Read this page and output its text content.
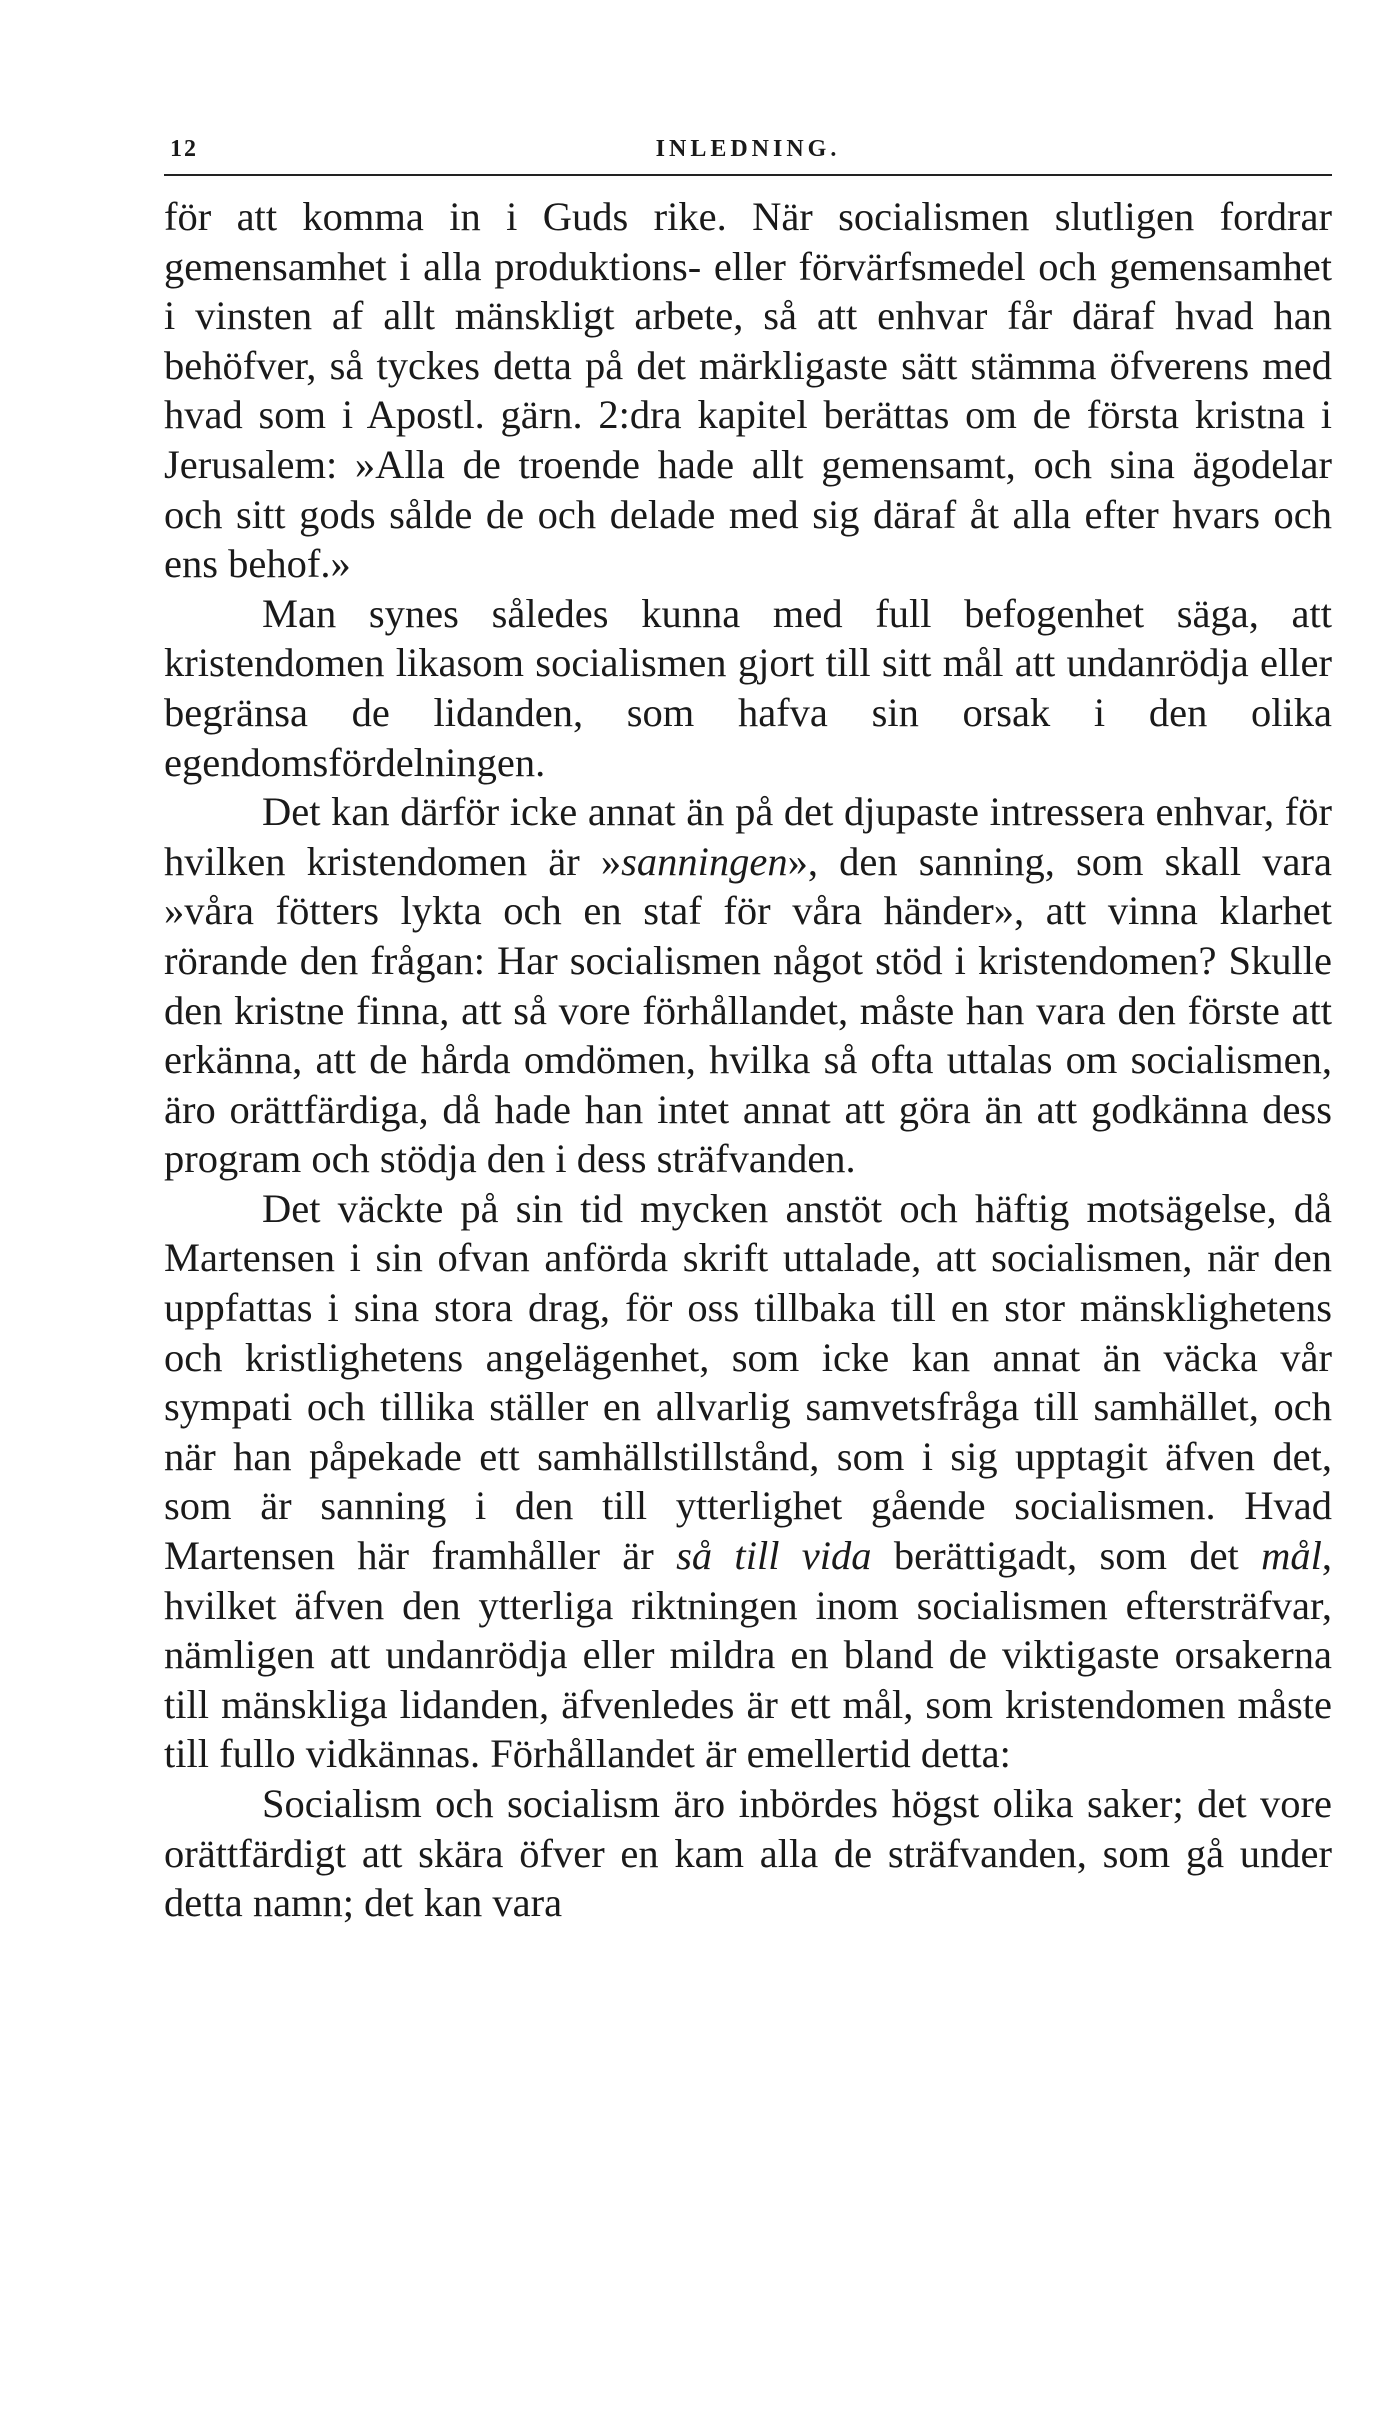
12	INLEDNING.

för att komma in i Guds rike. När socialismen slutligen fordrar gemensamhet i alla produktions- eller förvärfsmedel och gemensamhet i vinsten af allt mänskligt arbete, så att enhvar får däraf hvad han behöfver, så tyckes detta på det märkligaste sätt stämma öfverens med hvad som i Apostl. gärn. 2:dra kapitel berättas om de första kristna i Jerusalem: »Alla de troende hade allt gemensamt, och sina ägodelar och sitt gods sålde de och delade med sig däraf åt alla efter hvars och ens behof.»

Man synes således kunna med full befogenhet säga, att kristendomen likasom socialismen gjort till sitt mål att undanrödja eller begränsa de lidanden, som hafva sin orsak i den olika egendomsfördelningen.

Det kan därför icke annat än på det djupaste intressera enhvar, för hvilken kristendomen är »sanningen», den sanning, som skall vara »våra fötters lykta och en staf för våra händer», att vinna klarhet rörande den frågan: Har socialismen något stöd i kristendomen? Skulle den kristne finna, att så vore förhållandet, måste han vara den förste att erkänna, att de hårda omdömen, hvilka så ofta uttalas om socialismen, äro orättfärdiga, då hade han intet annat att göra än att godkänna dess program och stödja den i dess sträfvanden.

Det väckte på sin tid mycken anstöt och häftig motsägelse, då Martensen i sin ofvan anförda skrift uttalade, att socialismen, när den uppfattas i sina stora drag, för oss tillbaka till en stor mänsklighetens och kristlighetens angelägenhet, som icke kan annat än väcka vår sympati och tillika ställer en allvarlig samvetsfråga till samhället, och när han påpekade ett samhällstillstånd, som i sig upptagit äfven det, som är sanning i den till ytterlighet gående socialismen. Hvad Martensen här framhåller är så till vida berättigadt, som det mål, hvilket äfven den ytterliga riktningen inom socialismen eftersträfvar, nämligen att undanrödja eller mildra en bland de viktigaste orsakerna till mänskliga lidanden, äfvenledes är ett mål, som kristendomen måste till fullo vidkännas. Förhållandet är emellertid detta:

Socialism och socialism äro inbördes högst olika saker; det vore orättfärdigt att skära öfver en kam alla de sträfvanden, som gå under detta namn; det kan vara
